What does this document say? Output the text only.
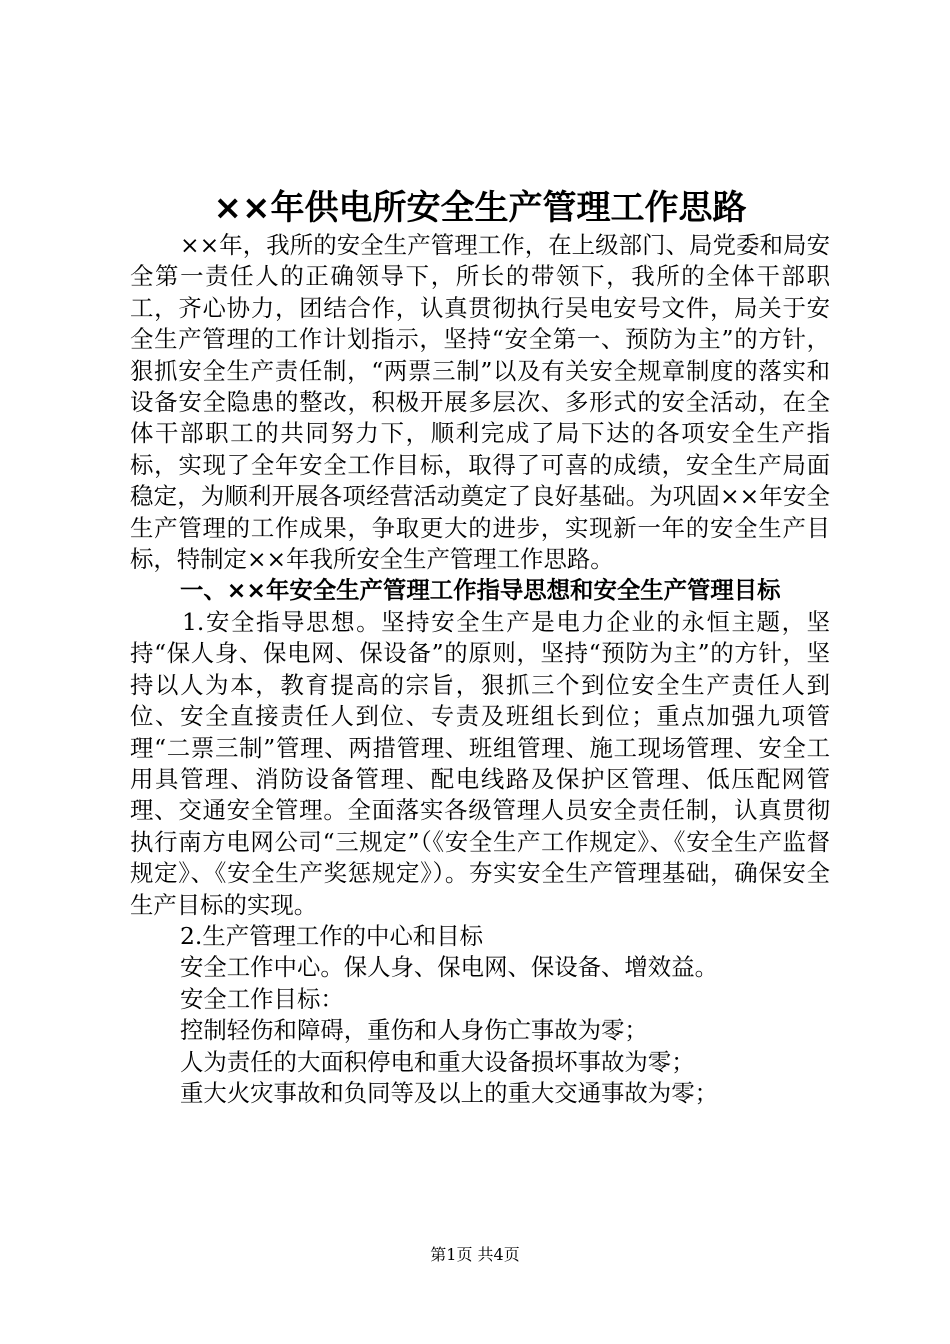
××年供电所安全生产管理工作思路

××年，我所的安全生产管理工作，在上级部门、局党委和局安全第一责任人的正确领导下，所长的带领下，我所的全体干部职工，齐心协力，团结合作，认真贯彻执行吴电安号文件，局关于安全生产管理的工作计划指示，坚持“安全第一、预防为主”的方针，狠抓安全生产责任制，“两票三制”以及有关安全规章制度的落实和设备安全隐患的整改，积极开展多层次、多形式的安全活动，在全体干部职工的共同努力下，顺利完成了局下达的各项安全生产指标，实现了全年安全工作目标，取得了可喜的成绩，安全生产局面稳定，为顺利开展各项经营活动奠定了良好基础。为巩固××年安全生产管理的工作成果，争取更大的进步，实现新一年的安全生产目标，特制定××年我所安全生产管理工作思路。

一、××年安全生产管理工作指导思想和安全生产管理目标

1.安全指导思想。坚持安全生产是电力企业的永恒主题，坚持“保人身、保电网、保设备”的原则，坚持“预防为主”的方针，坚持以人为本，教育提高的宗旨，狠抓三个到位安全生产责任人到位、安全直接责任人到位、专责及班组长到位；重点加强九项管理“二票三制”管理、两措管理、班组管理、施工现场管理、安全工用具管理、消防设备管理、配电线路及保护区管理、低压配网管理、交通安全管理。全面落实各级管理人员安全责任制，认真贯彻执行南方电网公司“三规定”（《安全生产工作规定》、《安全生产监督规定》、《安全生产奖惩规定》）。夯实安全生产管理基础，确保安全生产目标的实现。

2.生产管理工作的中心和目标

安全工作中心。保人身、保电网、保设备、增效益。

安全工作目标：

控制轻伤和障碍，重伤和人身伤亡事故为零；

人为责任的大面积停电和重大设备损坏事故为零；

重大火灾事故和负同等及以上的重大交通事故为零；

第1页 共4页
